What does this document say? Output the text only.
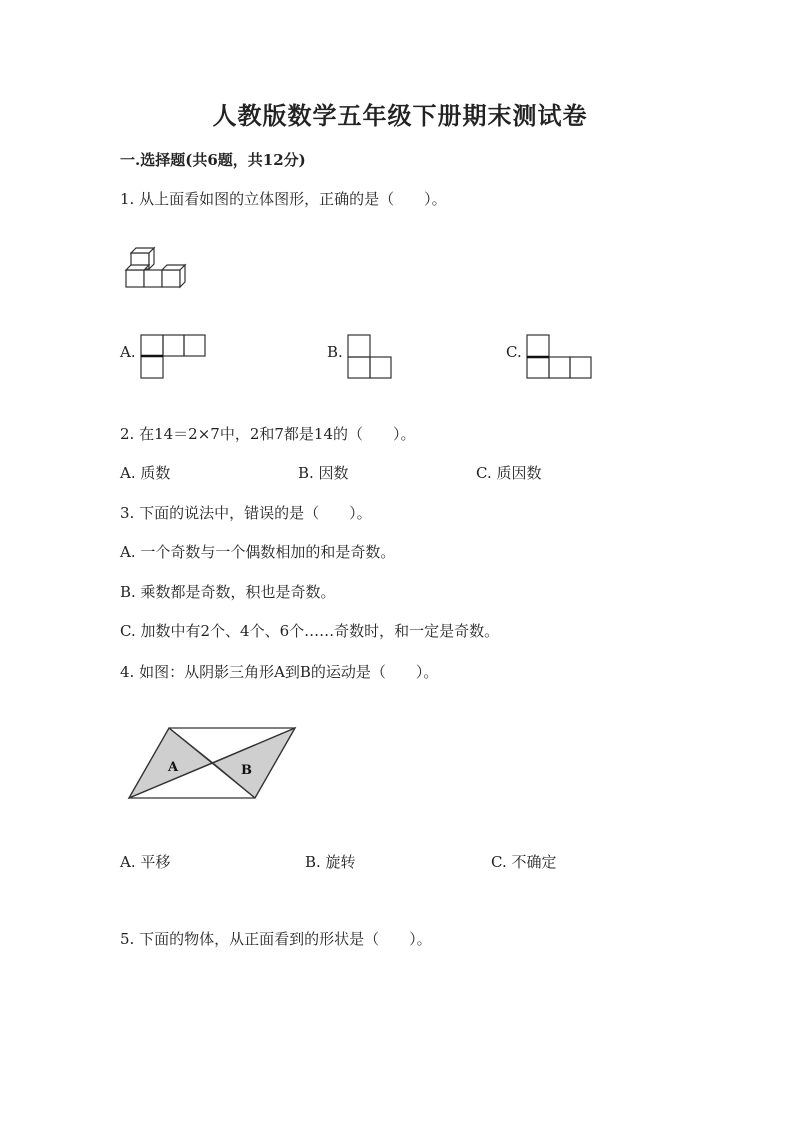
人教版数学五年级下册期末测试卷
一.选择题(共6题，共12分)
1. 从上面看如图的立体图形，正确的是（　　）。
A.	B.	C.
2. 在14＝2×7中，2和7都是14的（　　）。
A. 质数	B. 因数	C. 质因数
3. 下面的说法中，错误的是（　　）。
A. 一个奇数与一个偶数相加的和是奇数。
B. 乘数都是奇数，积也是奇数。
C. 加数中有2个、4个、6个……奇数时，和一定是奇数。
4. 如图：从阴影三角形A到B的运动是（　　）。
A	B
A. 平移	B. 旋转	C. 不确定
5. 下面的物体，从正面看到的形状是（　　）。
